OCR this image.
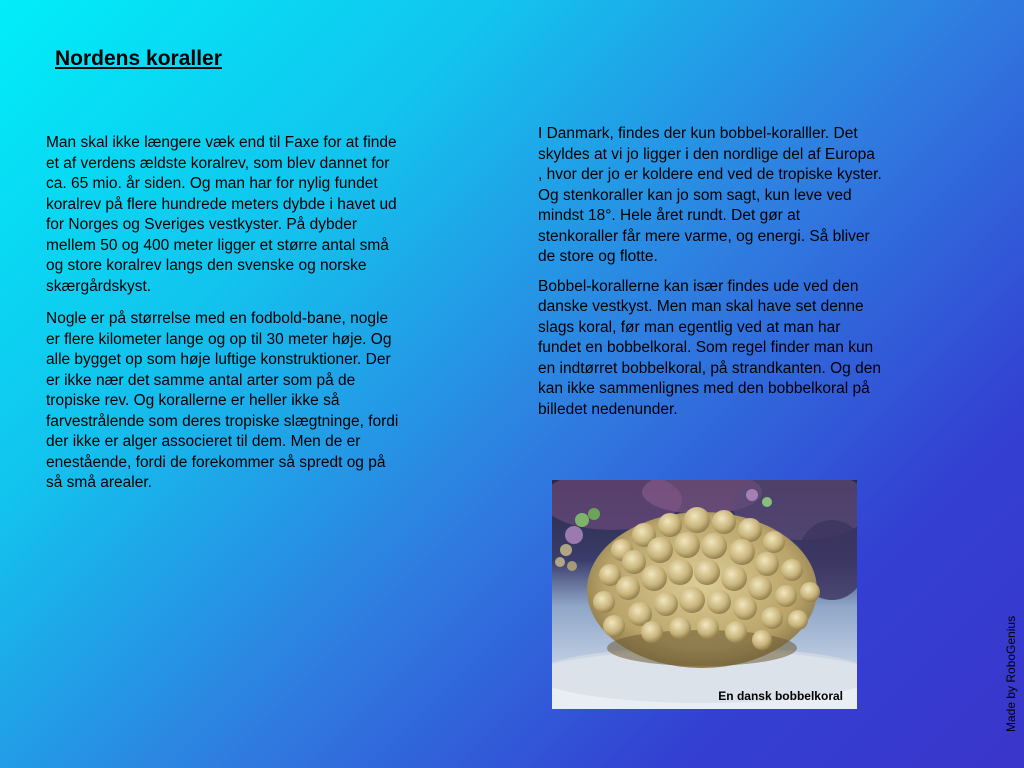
Nordens koraller

Man skal ikke længere væk end til Faxe for at finde et af verdens ældste koralrev, som blev dannet for ca. 65 mio. år siden. Og man har for nylig fundet koralrev på flere hundrede meters dybde i havet ud for Norges og Sveriges vestkyster. På dybder mellem 50 og 400 meter ligger et større antal små og store koralrev langs den svenske og norske skærgårdskyst.

Nogle er på størrelse med en fodbold-bane, nogle er flere kilometer lange og op til 30 meter høje. Og alle bygget op som høje luftige konstruktioner. Der er ikke nær det samme antal arter som på de tropiske rev. Og korallerne er heller ikke så farvestrålende som deres tropiske slægtninge, fordi der ikke er alger associeret til dem. Men de er enestående, fordi de forekommer så spredt og på så små arealer.

I Danmark, findes der kun bobbel-koralller. Det skyldes at vi jo ligger i den nordlige del af Europa , hvor der jo er koldere end ved de tropiske kyster. Og stenkoraller kan jo som sagt, kun leve ved mindst 18°. Hele året rundt. Det gør at stenkoraller får mere varme, og energi. Så bliver de store og flotte.

Bobbel-korallerne kan især findes ude ved den danske vestkyst. Men man skal have set denne slags koral, før man egentlig ved at man har fundet en bobbelkoral. Som regel finder man kun en indtørret bobbelkoral, på strandkanten. Og den kan ikke sammenlignes med den bobbelkoral på billedet nedenunder.

En dansk bobbelkoral	Made by RoboGenius
